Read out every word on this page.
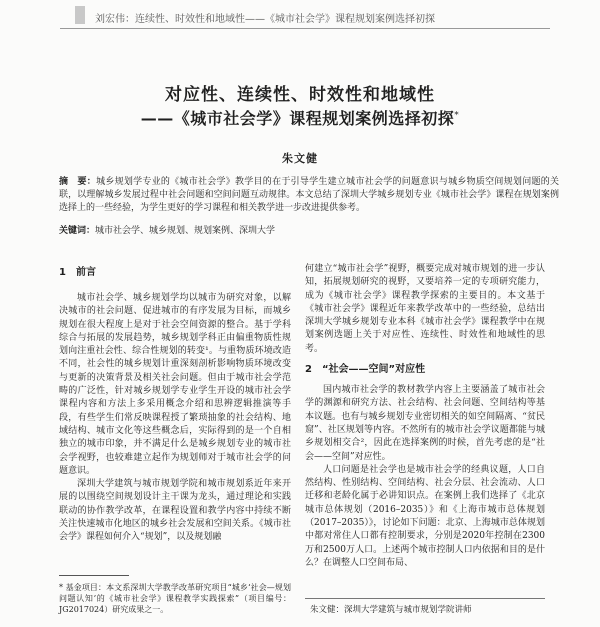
刘宏伟：连续性、时效性和地域性——《城市社会学》课程规划案例选择初探
对应性、连续性、时效性和地域性
——《城市社会学》课程规划案例选择初探*
朱文健
摘　要：城乡规划学专业的《城市社会学》教学目的在于引导学生建立城市社会学的问题意识与城乡物质空间规划问题的关联，以理解城乡发展过程中社会问题和空间问题互动规律。本文总结了深圳大学城乡规划专业《城市社会学》课程在规划案例选择上的一些经验，为学生更好的学习课程和相关教学进一步改进提供参考。
关键词：城市社会学、城乡规划、规划案例、深圳大学
1　前言

城市社会学、城乡规划学均以城市为研究对象，以解决城市的社会问题、促进城市的有序发展为目标，而城乡规划在很大程度上是对于社会空间资源的整合。基于学科综合与拓展的发展趋势，城乡规划学科正由偏重物质性规划向注重社会性、综合性规划的转变¹。与重物质环境改造不同，社会性的城乡规划计重深刻剖析影响物质环境改变与更新的决策背景及相关社会问题。但由于城市社会学范畴的广泛性，针对城乡规划学专业学生开设的城市社会学课程内容和方法上多采用概念介绍和思辨逻辑推演等手段，有些学生们常反映课程授了繁琐抽象的社会结构、地域结构、城市文化等这些概念后，实际得到的是一个自相独立的城市印象，并不满足什么是城乡规划专业的城市社会学视野，也较难建立起作为规划师对于城市社会学的问题意识。

深圳大学建筑与城市规划学院和城市规划系近年来开展的以围绕空间规划设计主干课为龙头，通过理论和实践联动的协作教学改革，在课程设置和教学内容中持续不断关注快速城市化地区的城乡社会发展和空间关系。《城市社会学》课程如何介入“规划”，以及规划融

何建立“城市社会学”视野，概要完成对城市规划的进一步认知，拓展规划研究的视野，又要培养一定的专项研究能力，成为《城市社会学》课程教学探索的主要目的。本文基于《城市社会学》课程近年来教学改革中的一些经验，总结出深圳大学城乡规划专业本科《城市社会学》课程教学中在规划案例选题上关于对应性、连续性、时效性和地域性的思考。

2　“社会——空间”对应性

国内城市社会学的教材教学内容上主要涵盖了城市社会学的渊源和研究方法、社会结构、社会问题、空间结构等基本议题。也有与城乡规划专业密切相关的如空间隔离、“贫民窟”、社区规划等内容。不然所有的城市社会学议题都能与城乡规划相交合²，因此在选择案例的时候，首先考虑的是“社会——空间”对应性。

人口问题是社会学也是城市社会学的经典议题，人口自然结构、性别结构、空间结构、社会分层、社会流动、人口迁移和老龄化属于必讲知识点。在案例上我们选择了《北京城市总体规划（2016–2035）》和《上海市城市总体规划（2017–2035）》，讨论如下问题：北京、上海城市总体规划中都对常住人口都有控制要求，分别是2020年控制在2300万和2500万人口。上述两个城市控制人口内依据和目的是什么？在调整人口空间布局、

* 基金项目：本文系深圳大学教学改革研究项目“城乡‘社会—规划问题认知’的《城市社会学》课程教学实践探索”（项目编号：JG2017024）研究成果之一。	朱文健：深圳大学建筑与城市规划学院讲师
